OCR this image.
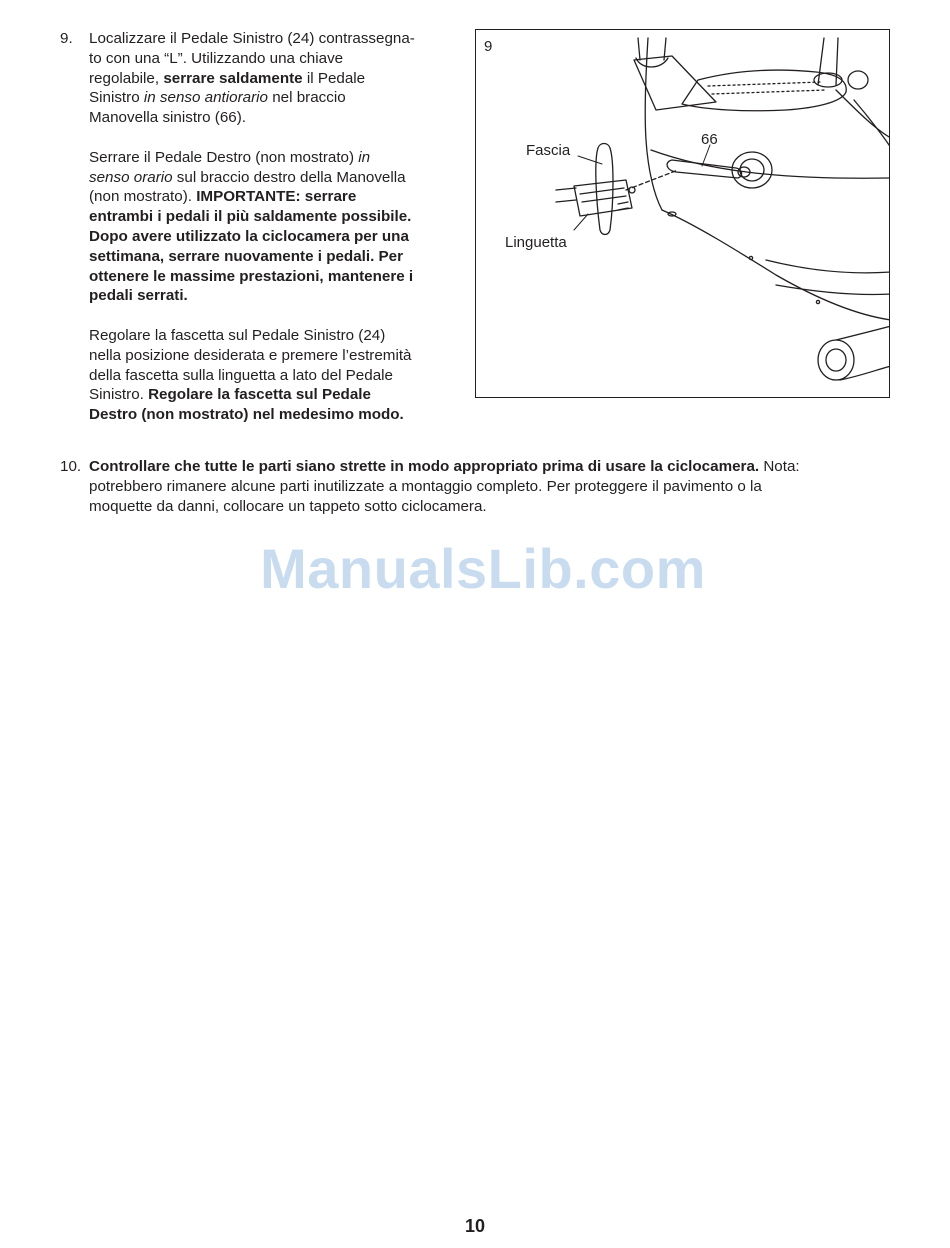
9. Localizzare il Pedale Sinistro (24) contrassegna-
to con una “L”. Utilizzando una chiave
regolabile, serrare saldamente il Pedale
Sinistro in senso antiorario nel braccio
Manovella sinistro (66).

Serrare il Pedale Destro (non mostrato) in
senso orario sul braccio destro della Manovella
(non mostrato). IMPORTANTE: serrare
entrambi i pedali il più saldamente possibile.
Dopo avere utilizzato la ciclocamera per una
settimana, serrare nuovamente i pedali. Per
ottenere le massime prestazioni, mantenere i
pedali serrati.

Regolare la fascetta sul Pedale Sinistro (24)
nella posizione desiderata e premere l’estremità
della fascetta sulla linguetta a lato del Pedale
Sinistro. Regolare la fascetta sul Pedale
Destro (non mostrato) nel medesimo modo.

9
Fascia
Linguetta
66
10. Controllare che tutte le parti siano strette in modo appropriato prima di usare la ciclocamera. Nota:
potrebbero rimanere alcune parti inutilizzate a montaggio completo. Per proteggere il pavimento o la
moquette da danni, collocare un tappeto sotto ciclocamera.
ManualsLib.com
10
